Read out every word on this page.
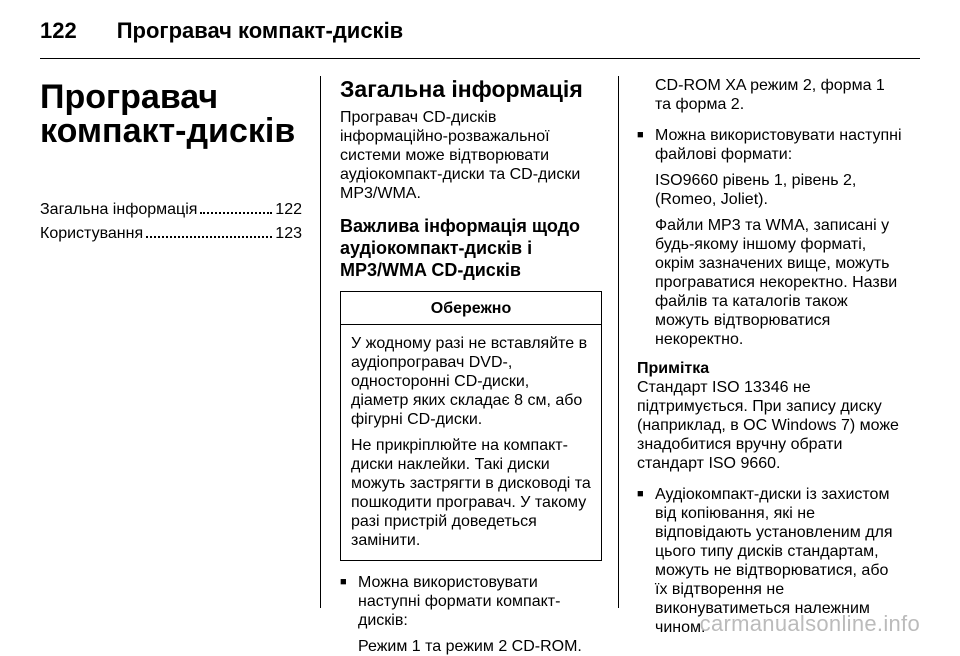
122 Програвач компакт-дисків
Програвач компакт-дисків
Загальна інформація	122
Користування	123
Загальна інформація

Програвач CD-дисків інформаційно-розважальної системи може відтворювати аудіокомпакт-диски та CD-диски MP3/WMA.

Важлива інформація щодо аудіокомпакт-дисків і MP3/WMA CD-дисків
Обережно

У жодному разі не вставляйте в аудіопрогравач DVD-, односторонні CD-диски, діаметр яких складає 8 см, або фігурні CD-диски.

Не прикріплюйте на компакт-диски наклейки. Такі диски можуть застрягти в дисководі та пошкодити програвач. У такому разі пристрій доведеться замінити.

■ Можна використовувати наступні формати компакт-дисків:

Режим 1 та режим 2 CD-ROM.

CD-ROM XA режим 2, форма 1 та форма 2.

■ Можна використовувати наступні файлові формати:

ISO9660 рівень 1, рівень 2, (Romeo, Joliet).

Файли MP3 та WMA, записані у будь-якому іншому форматі, окрім зазначених вище, можуть програватися некоректно. Назви файлів та каталогів також можуть відтворюватися некоректно.

Примітка

Стандарт ISO 13346 не підтримується. При запису диску (наприклад, в ОС Windows 7) може знадобитися вручну обрати стандарт ISO 9660.

■ Аудіокомпакт-диски із захистом від копіювання, які не відповідають установленим для цього типу дисків стандартам, можуть не відтворюватися, або їх відтворення не виконуватиметься належним чином.

carmanualsonline.info
